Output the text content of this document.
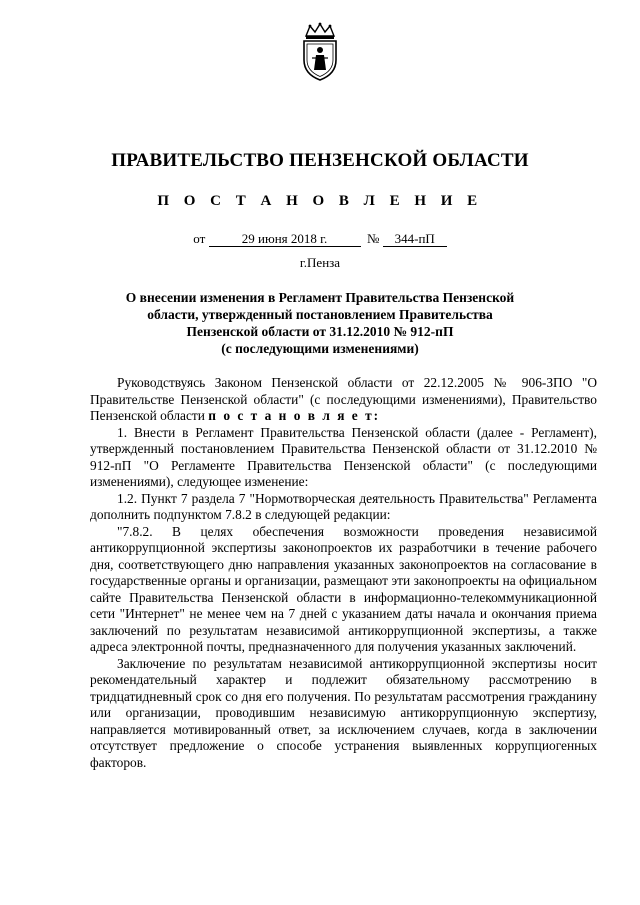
ПРАВИТЕЛЬСТВО ПЕНЗЕНСКОЙ ОБЛАСТИ
П О С Т А Н О В Л Е Н И Е
от	29 июня 2018 г.	№ 344-пП
г.Пенза
О внесении изменения в Регламент Правительства Пензенской
области, утвержденный постановлением Правительства
Пензенской области от 31.12.2010 № 912-пП
(с последующими изменениями)

Руководствуясь Законом Пензенской области от 22.12.2005 № 906-ЗПО "О Правительстве Пензенской области" (с последующими изменениями), Правительство Пензенской области п о с т а н о в л я е т:

1. Внести в Регламент Правительства Пензенской области (далее - Регламент), утвержденный постановлением Правительства Пензенской области от 31.12.2010 № 912-пП "О Регламенте Правительства Пензенской области" (с последующими изменениями), следующее изменение:

1.2. Пункт 7 раздела 7 "Нормотворческая деятельность Правительства" Регламента дополнить подпунктом 7.8.2 в следующей редакции:

"7.8.2. В целях обеспечения возможности проведения независимой антикоррупционной экспертизы законопроектов их разработчики в течение рабочего дня, соответствующего дню направления указанных законопроектов на согласование в государственные органы и организации, размещают эти законопроекты на официальном сайте Правительства Пензенской области в информационно-телекоммуникационной сети "Интернет" не менее чем на 7 дней с указанием даты начала и окончания приема заключений по результатам независимой антикоррупционной экспертизы, а также адреса электронной почты, предназначенного для получения указанных заключений.

Заключение по результатам независимой антикоррупционной экспертизы носит рекомендательный характер и подлежит обязательному рассмотрению в тридцатидневный срок со дня его получения. По результатам рассмотрения гражданину или организации, проводившим независимую антикоррупционную экспертизу, направляется мотивированный ответ, за исключением случаев, когда в заключении отсутствует предложение о способе устранения выявленных коррупциогенных факторов.
